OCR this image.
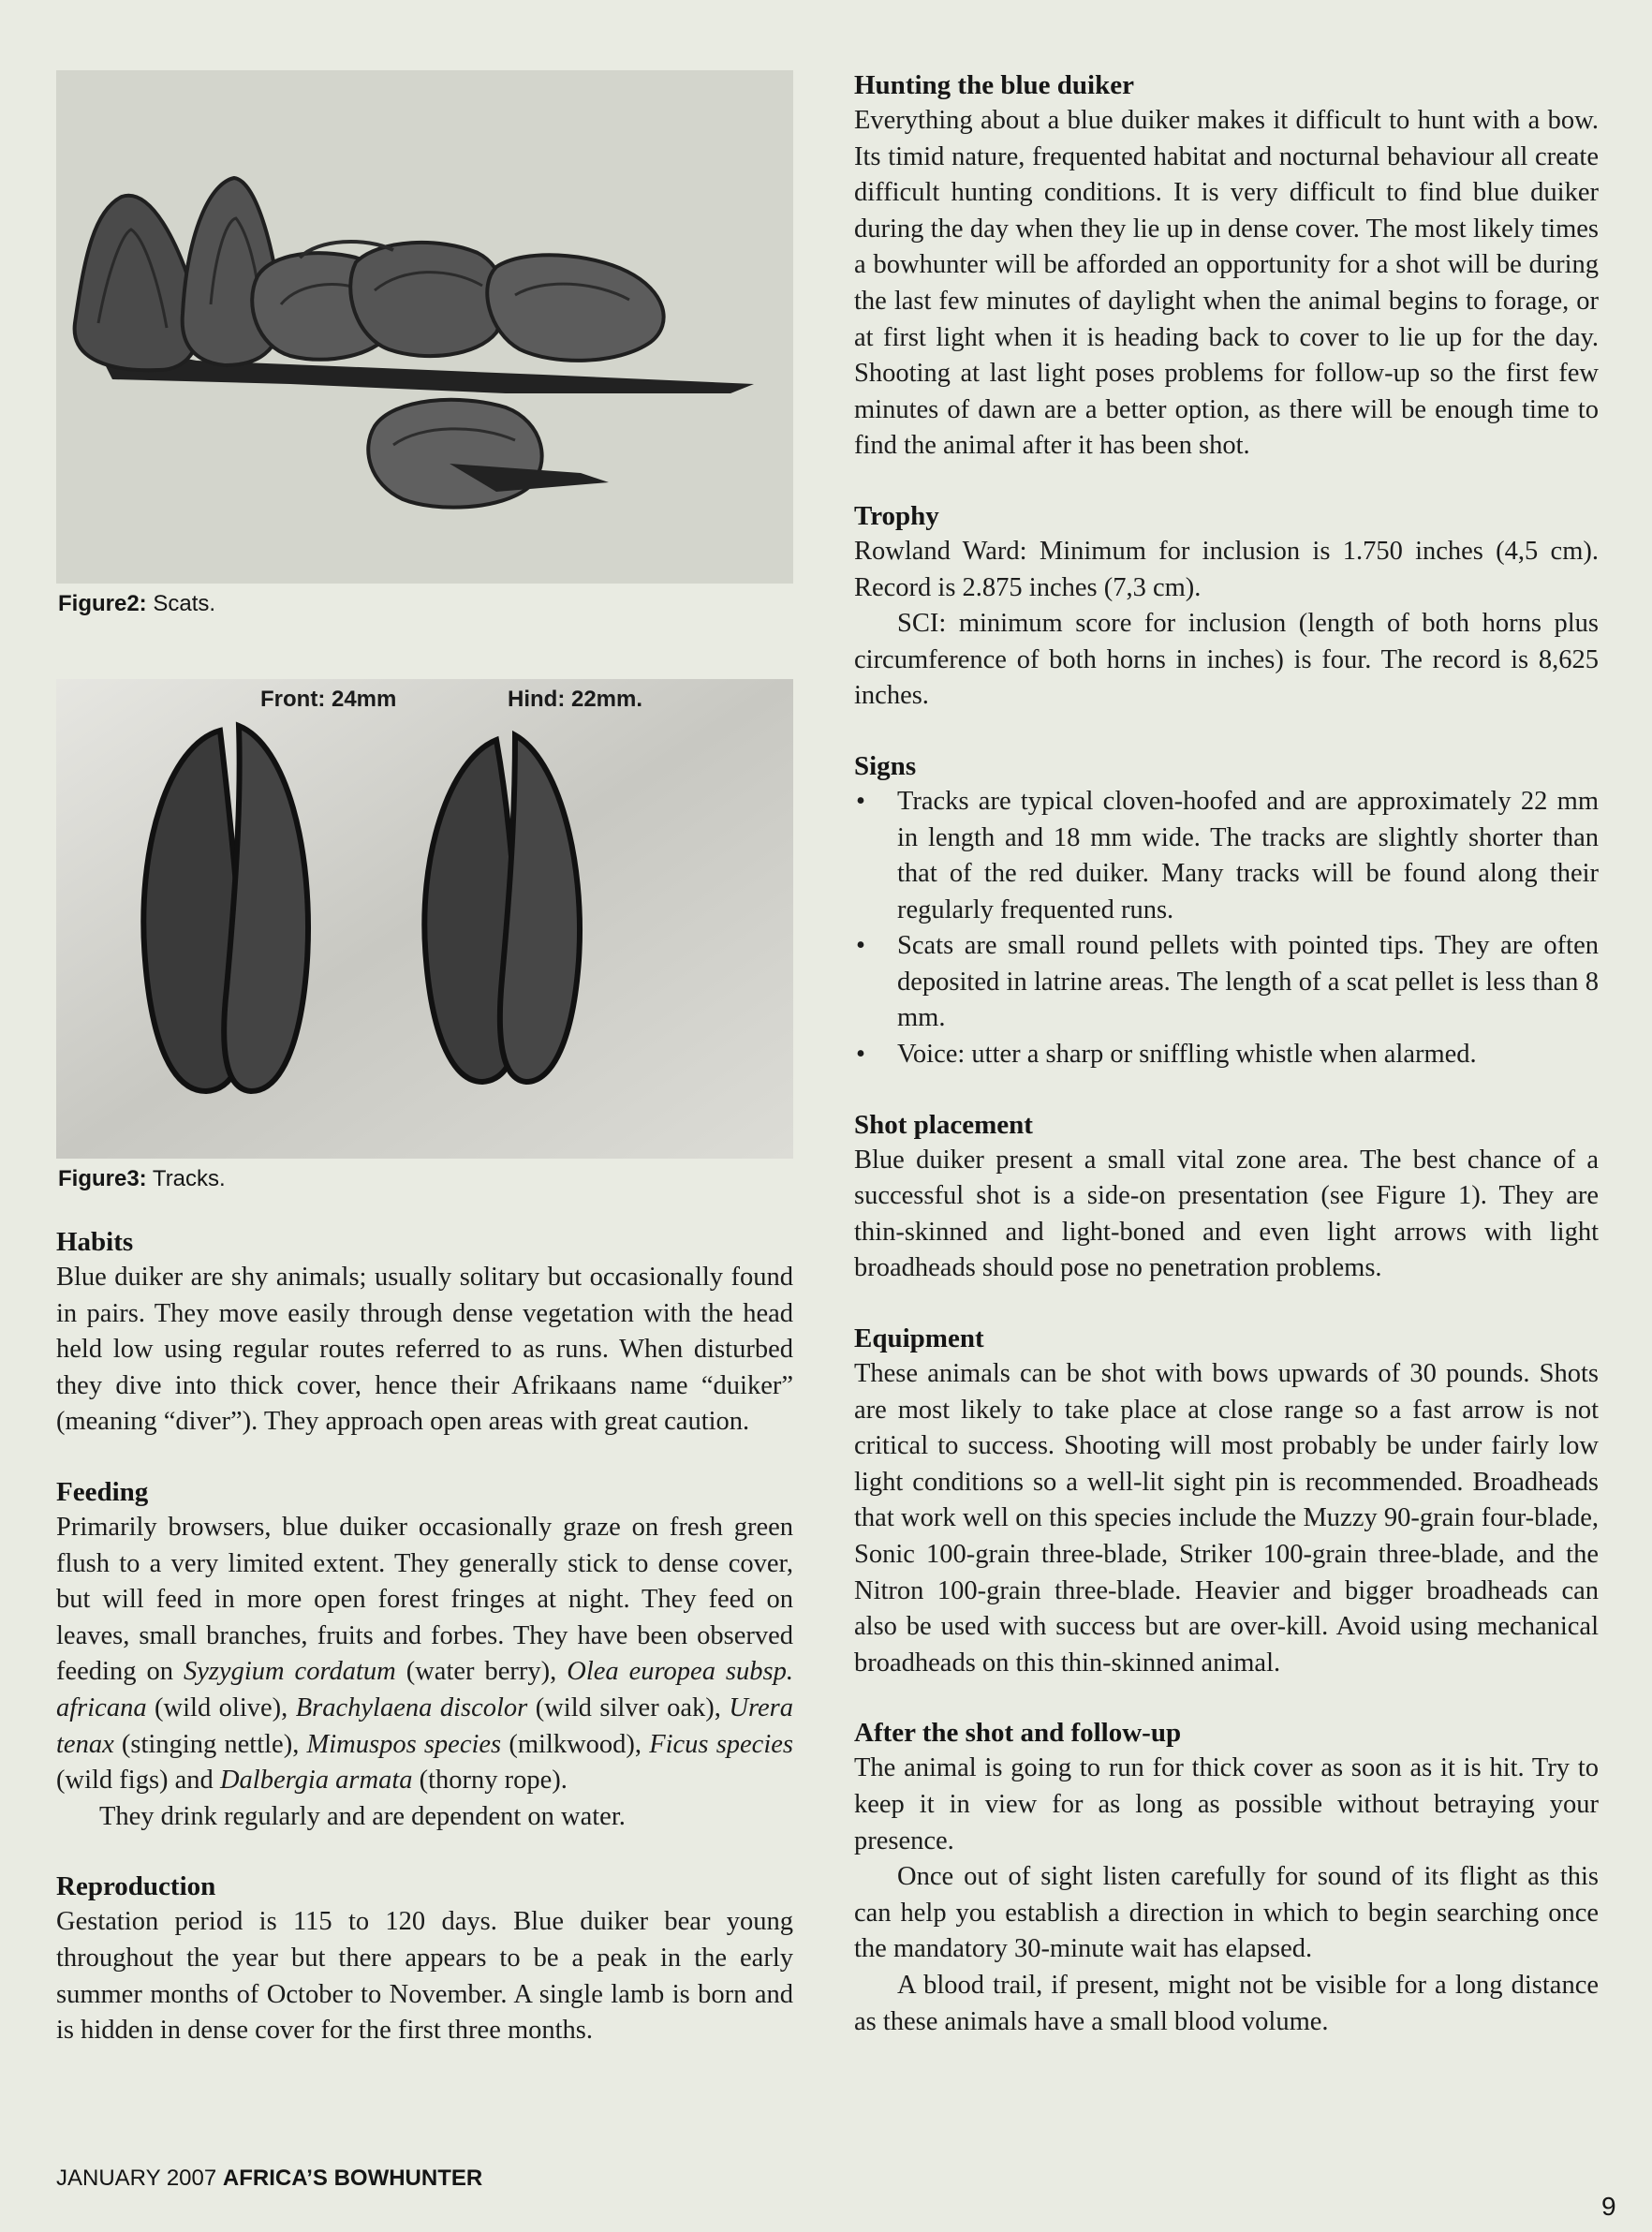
Figure2: Scats.
Front: 24mm	Hind: 22mm.
Figure3: Tracks.
Habits

Blue duiker are shy animals; usually solitary but occasionally found in pairs. They move easily through dense vegetation with the head held low using regular routes referred to as runs. When disturbed they dive into thick cover, hence their Afrikaans name “duiker” (meaning “diver”). They approach open areas with great caution.

Feeding

Primarily browsers, blue duiker occasionally graze on fresh green flush to a very limited extent. They generally stick to dense cover, but will feed in more open forest fringes at night. They feed on leaves, small branches, fruits and forbes. They have been observed feeding on Syzygium cordatum (water berry), Olea europea subsp. africana (wild olive), Brachylaena discolor (wild silver oak), Urera tenax (stinging nettle), Mimuspos species (milkwood), Ficus species (wild figs) and Dalbergia armata (thorny rope).

They drink regularly and are dependent on water.

Reproduction

Gestation period is 115 to 120 days. Blue duiker bear young throughout the year but there appears to be a peak in the early summer months of October to November. A single lamb is born and is hidden in dense cover for the first three months.

Hunting the blue duiker

Everything about a blue duiker makes it difficult to hunt with a bow. Its timid nature, frequented habitat and nocturnal behaviour all create difficult hunting conditions. It is very difficult to find blue duiker during the day when they lie up in dense cover. The most likely times a bowhunter will be afforded an opportunity for a shot will be during the last few minutes of daylight when the animal begins to forage, or at first light when it is heading back to cover to lie up for the day. Shooting at last light poses problems for follow-up so the first few minutes of dawn are a better option, as there will be enough time to find the animal after it has been shot.

Trophy

Rowland Ward: Minimum for inclusion is 1.750 inches (4,5 cm). Record is 2.875 inches (7,3 cm).

SCI: minimum score for inclusion (length of both horns plus circumference of both horns in inches) is four. The record is 8,625 inches.

Signs
• Tracks are typical cloven-hoofed and are approximately 22 mm in length and 18 mm wide. The tracks are slightly shorter than that of the red duiker. Many tracks will be found along their regularly frequented runs.
• Scats are small round pellets with pointed tips. They are often deposited in latrine areas. The length of a scat pellet is less than 8 mm.
• Voice: utter a sharp or sniffling whistle when alarmed.
Shot placement

Blue duiker present a small vital zone area. The best chance of a successful shot is a side-on presentation (see Figure 1). They are thin-skinned and light-boned and even light arrows with light broadheads should pose no penetration problems.

Equipment

These animals can be shot with bows upwards of 30 pounds. Shots are most likely to take place at close range so a fast arrow is not critical to success. Shooting will most probably be under fairly low light conditions so a well-lit sight pin is recommended. Broadheads that work well on this species include the Muzzy 90-grain four-blade, Sonic 100-grain three-blade, Striker 100-grain three-blade, and the Nitron 100-grain three-blade. Heavier and bigger broadheads can also be used with success but are over-kill. Avoid using mechanical broadheads on this thin-skinned animal.

After the shot and follow-up

The animal is going to run for thick cover as soon as it is hit. Try to keep it in view for as long as possible without betraying your presence.

Once out of sight listen carefully for sound of its flight as this can help you establish a direction in which to begin searching once the mandatory 30-minute wait has elapsed.

A blood trail, if present, might not be visible for a long distance as these animals have a small blood volume.

JANUARY 2007 AFRICA’S BOWHUNTER
9
